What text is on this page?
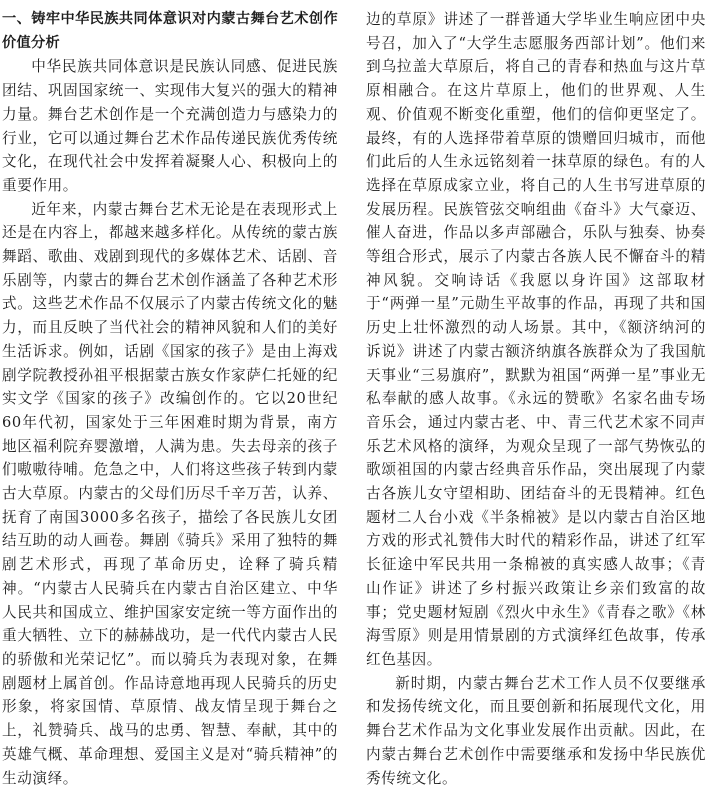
一、铸牢中华民族共同体意识对内蒙古舞台艺术创作价值分析

中华民族共同体意识是民族认同感、促进民族团结、巩固国家统一、实现伟大复兴的强大的精神力量。舞台艺术创作是一个充满创造力与感染力的行业，它可以通过舞台艺术作品传递民族优秀传统文化，在现代社会中发挥着凝聚人心、积极向上的重要作用。

近年来，内蒙古舞台艺术无论是在表现形式上还是在内容上，都越来越多样化。从传统的蒙古族舞蹈、歌曲、戏剧到现代的多媒体艺术、话剧、音乐剧等，内蒙古的舞台艺术创作涵盖了各种艺术形式。这些艺术作品不仅展示了内蒙古传统文化的魅力，而且反映了当代社会的精神风貌和人们的美好生活诉求。例如，话剧《国家的孩子》是由上海戏剧学院教授孙祖平根据蒙古族女作家萨仁托娅的纪实文学《国家的孩子》改编创作的。它以20世纪60年代初，国家处于三年困难时期为背景，南方地区福利院弃婴激增，人满为患。失去母亲的孩子们嗷嗷待哺。危急之中，人们将这些孩子转到内蒙古大草原。内蒙古的父母们历尽千辛万苦，认养、抚育了南国3000多名孩子，描绘了各民族儿女团结互助的动人画卷。舞剧《骑兵》采用了独特的舞剧艺术形式，再现了革命历史，诠释了骑兵精神。“内蒙古人民骑兵在内蒙古自治区建立、中华人民共和国成立、维护国家安定统一等方面作出的重大牺牲、立下的赫赫战功，是一代代内蒙古人民的骄傲和光荣记忆”。而以骑兵为表现对象，在舞剧题材上属首创。作品诗意地再现人民骑兵的历史形象，将家国情、草原情、战友情呈现于舞台之上，礼赞骑兵、战马的忠勇、智慧、奉献，其中的英雄气概、革命理想、爱国主义是对“骑兵精神”的生动演绎。

边的草原》讲述了一群普通大学毕业生响应团中央号召，加入了“大学生志愿服务西部计划”。他们来到乌拉盖大草原后，将自己的青春和热血与这片草原相融合。在这片草原上，他们的世界观、人生观、价值观不断变化重塑，他们的信仰更坚定了。最终，有的人选择带着草原的馈赠回归城市，而他们此后的人生永远铭刻着一抹草原的绿色。有的人选择在草原成家立业，将自己的人生书写进草原的发展历程。民族管弦交响组曲《奋斗》大气豪迈、催人奋进，作品以多声部融合，乐队与独奏、协奏等组合形式，展示了内蒙古各族人民不懈奋斗的精神风貌。交响诗话《我愿以身许国》这部取材于“两弹一星”元勋生平故事的作品，再现了共和国历史上壮怀激烈的动人场景。其中，《额济纳河的诉说》讲述了内蒙古额济纳旗各族群众为了我国航天事业“三易旗府”，默默为祖国“两弹一星”事业无私奉献的感人故事。《永远的赞歌》名家名曲专场音乐会，通过内蒙古老、中、青三代艺术家不同声乐艺术风格的演绎，为观众呈现了一部气势恢弘的歌颂祖国的内蒙古经典音乐作品，突出展现了内蒙古各族儿女守望相助、团结奋斗的无畏精神。红色题材二人台小戏《半条棉被》是以内蒙古自治区地方戏的形式礼赞伟大时代的精彩作品，讲述了红军长征途中军民共用一条棉被的真实感人故事；《青山作证》讲述了乡村振兴政策让乡亲们致富的故事；党史题材短剧《烈火中永生》《青春之歌》《林海雪原》则是用情景剧的方式演绎红色故事，传承红色基因。

新时期，内蒙古舞台艺术工作人员不仅要继承和发扬传统文化，而且要创新和拓展现代文化，用舞台艺术作品为文化事业发展作出贡献。因此，在内蒙古舞台艺术创作中需要继承和发扬中华民族优秀传统文化。
